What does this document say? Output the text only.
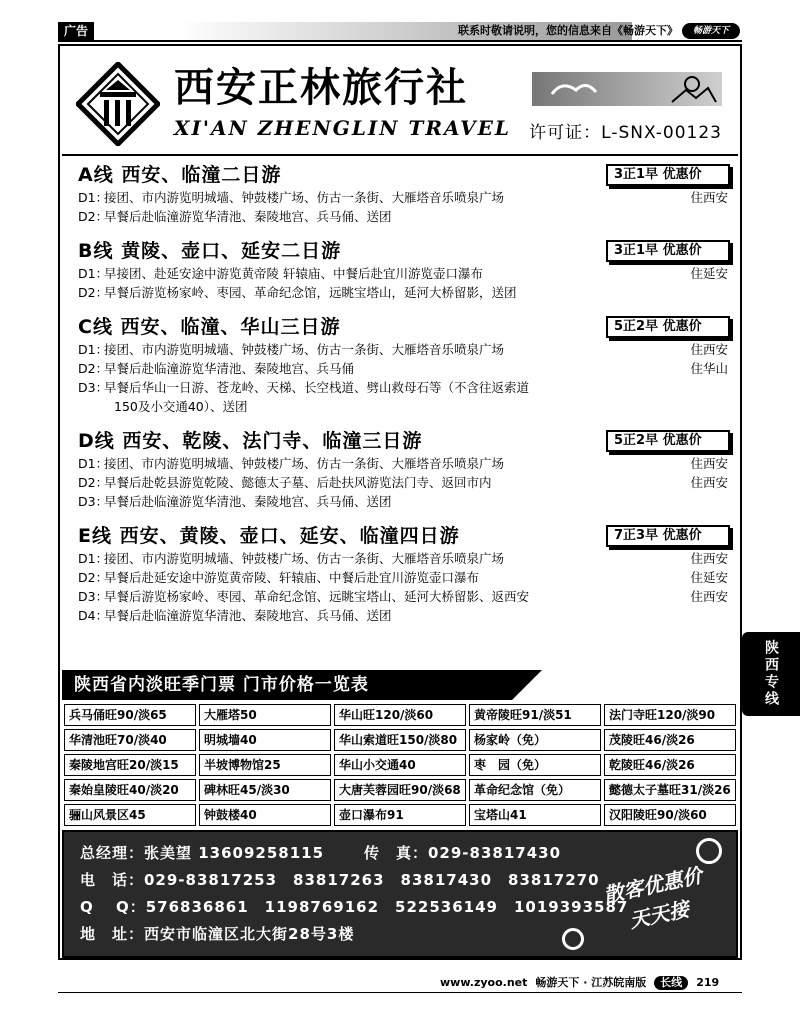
广告	联系时敬请说明，您的信息来自《畅游天下》	畅游天下
西安正林旅行社
XI'AN ZHENGLIN TRAVEL 许可证：L-SNX-00123
A线 西安、临潼二日游	3正1早 优惠价
D1：
接团、市内游览明城墙、钟鼓楼广场、仿古一条街、大雁塔音乐喷泉广场	住西安
D2：
早餐后赴临潼游览华清池、秦陵地宫、兵马俑、送团
B线 黄陵、壶口、延安二日游	3正1早 优惠价
D1：
早接团、赴延安途中游览黄帝陵 轩辕庙、中餐后赴宜川游览壶口瀑布	住延安
D2：
早餐后游览杨家岭、枣园、革命纪念馆，远眺宝塔山，延河大桥留影，送团
C线 西安、临潼、华山三日游	5正2早 优惠价
D1：
接团、市内游览明城墙、钟鼓楼广场、仿古一条街、大雁塔音乐喷泉广场	住西安
D2：
早餐后赴临潼游览华清池、秦陵地宫、兵马俑	住华山
D3：
早餐后华山一日游、苍龙岭、天梯、长空栈道、劈山救母石等（不含往返索道
150及小交通40）、送团
D线 西安、乾陵、法门寺、临潼三日游	5正2早 优惠价
D1：
接团、市内游览明城墙、钟鼓楼广场、仿古一条街、大雁塔音乐喷泉广场	住西安
D2：
早餐后赴乾县游览乾陵、懿德太子墓、后赴扶风游览法门寺、返回市内	住西安
D3：
早餐后赴临潼游览华清池、秦陵地宫、兵马俑、送团
E线 西安、黄陵、壶口、延安、临潼四日游	7正3早 优惠价
D1：
接团、市内游览明城墙、钟鼓楼广场、仿古一条街、大雁塔音乐喷泉广场	住西安
D2：
早餐后赴延安途中游览黄帝陵、轩辕庙、中餐后赴宜川游览壶口瀑布	住延安
D3：
早餐后游览杨家岭、枣园、革命纪念馆、远眺宝塔山、延河大桥留影、返西安	住西安
D4：
早餐后赴临潼游览华清池、秦陵地宫、兵马俑、送团
陕西省内淡旺季门票 门市价格一览表
兵马俑旺90/淡65	大雁塔50	华山旺120/淡60	黄帝陵旺91/淡51	法门寺旺120/淡90
华清池旺70/淡40	明城墙40	华山索道旺150/淡80	杨家岭（免）	茂陵旺46/淡26
秦陵地宫旺20/淡15	半坡博物馆25	华山小交通40	枣　园（免）	乾陵旺46/淡26
秦始皇陵旺40/淡20	碑林旺45/淡30	大唐芙蓉园旺90/淡68	革命纪念馆（免）	懿德太子墓旺31/淡26
骊山风景区45	钟鼓楼40	壶口瀑布91	宝塔山41	汉阳陵旺90/淡60
总经理：张美望 13609258115	传　真：029-83817430
电　话：029-83817253　83817263　83817430　83817270
Q　 Q：576836861　1198769162　522536149　1019393587
地　址：西安市临潼区北大街28号3楼
散客优惠价
天天接
陕西专线
www.zyoo.net 畅游天下 · 江苏皖南版	长线	219
